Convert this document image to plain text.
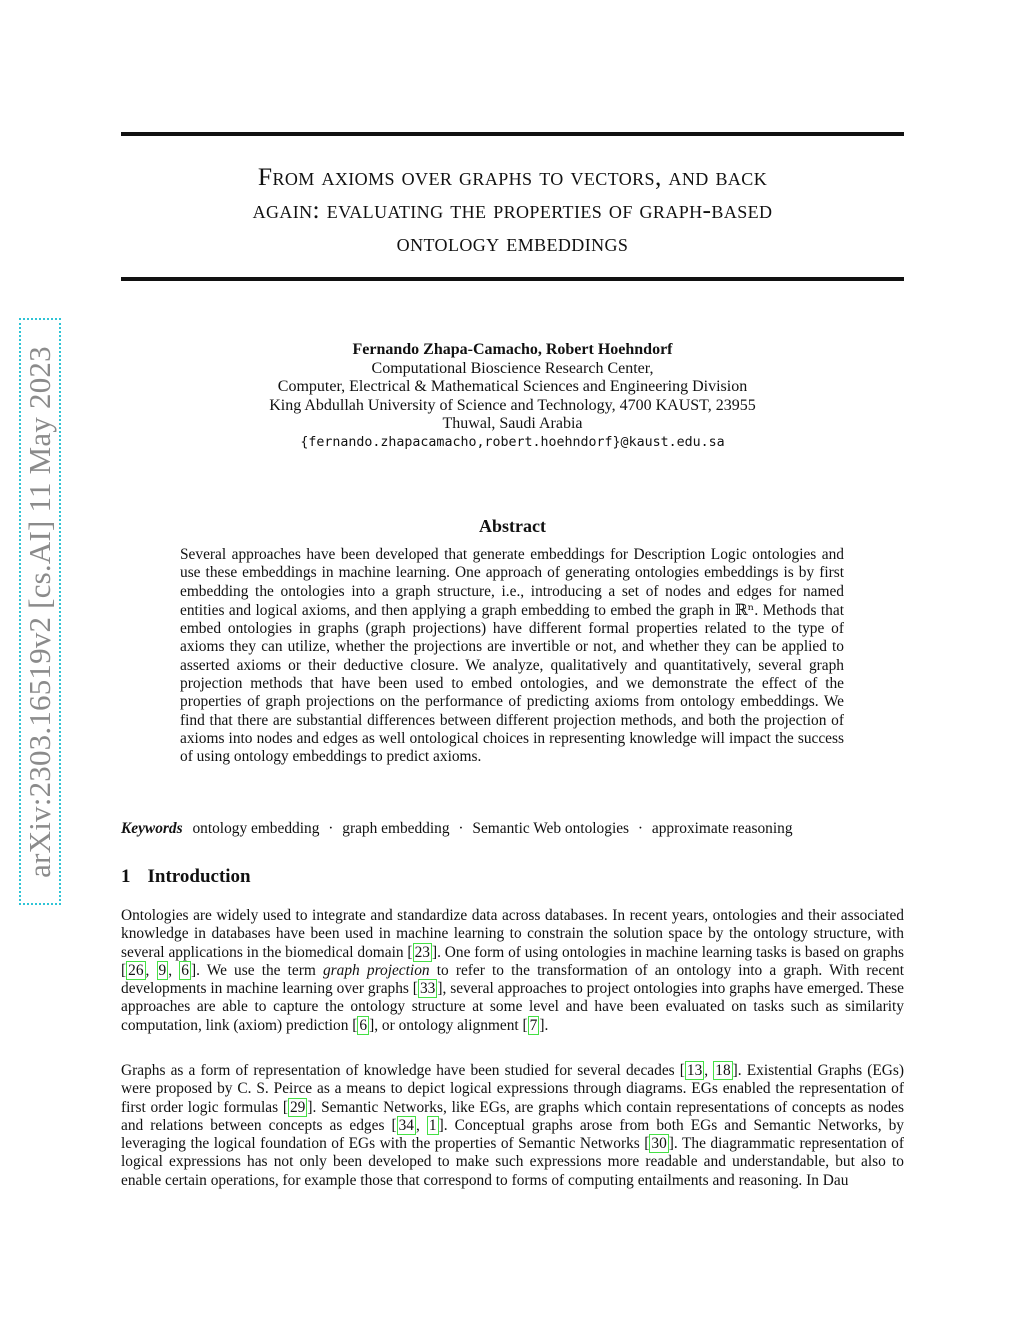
arXiv:2303.16519v2 [cs.AI] 11 May 2023
From axioms over graphs to vectors, and back
again: evaluating the properties of graph-based
ontology embeddings
Fernando Zhapa-Camacho, Robert Hoehndorf
Computational Bioscience Research Center,
Computer, Electrical & Mathematical Sciences and Engineering Division
King Abdullah University of Science and Technology, 4700 KAUST, 23955
Thuwal, Saudi Arabia
{fernando.zhapacamacho,robert.hoehndorf}@kaust.edu.sa
Abstract
Several approaches have been developed that generate embeddings for Description Logic ontologies and use these embeddings in machine learning. One approach of generating ontologies embeddings is by first embedding the ontologies into a graph structure, i.e., introducing a set of nodes and edges for named entities and logical axioms, and then applying a graph embedding to embed the graph in ℝⁿ. Methods that embed ontologies in graphs (graph projections) have different formal properties related to the type of axioms they can utilize, whether the projections are invertible or not, and whether they can be applied to asserted axioms or their deductive closure. We analyze, qualitatively and quantitatively, several graph projection methods that have been used to embed ontologies, and we demonstrate the effect of the properties of graph projections on the performance of predicting axioms from ontology embeddings. We find that there are substantial differences between different projection methods, and both the projection of axioms into nodes and edges as well ontological choices in representing knowledge will impact the success of using ontology embeddings to predict axioms.
Keywords ontology embedding · graph embedding · Semantic Web ontologies · approximate reasoning
1 Introduction
Ontologies are widely used to integrate and standardize data across databases. In recent years, ontologies and their associated knowledge in databases have been used in machine learning to constrain the solution space by the ontology structure, with several applications in the biomedical domain [ 23 ]. One form of using ontologies in machine learning tasks is based on graphs [ 26 , 9 , 6 ]. We use the term graph projection to refer to the transformation of an ontology into a graph. With recent developments in machine learning over graphs [ 33 ], several approaches to project ontologies into graphs have emerged. These approaches are able to capture the ontology structure at some level and have been evaluated on tasks such as similarity computation, link (axiom) prediction [ 6 ], or ontology alignment [ 7 ].
Graphs as a form of representation of knowledge have been studied for several decades [ 13 , 18 ]. Existential Graphs (EGs) were proposed by C. S. Peirce as a means to depict logical expressions through diagrams. EGs enabled the representation of first order logic formulas [ 29 ]. Semantic Networks, like EGs, are graphs which contain representations of concepts as nodes and relations between concepts as edges [ 34 , 1 ]. Conceptual graphs arose from both EGs and Semantic Networks, by leveraging the logical foundation of EGs with the properties of Semantic Networks [ 30 ]. The diagrammatic representation of logical expressions has not only been developed to make such expressions more readable and understandable, but also to enable certain operations, for example those that correspond to forms of computing entailments and reasoning. In Dau
